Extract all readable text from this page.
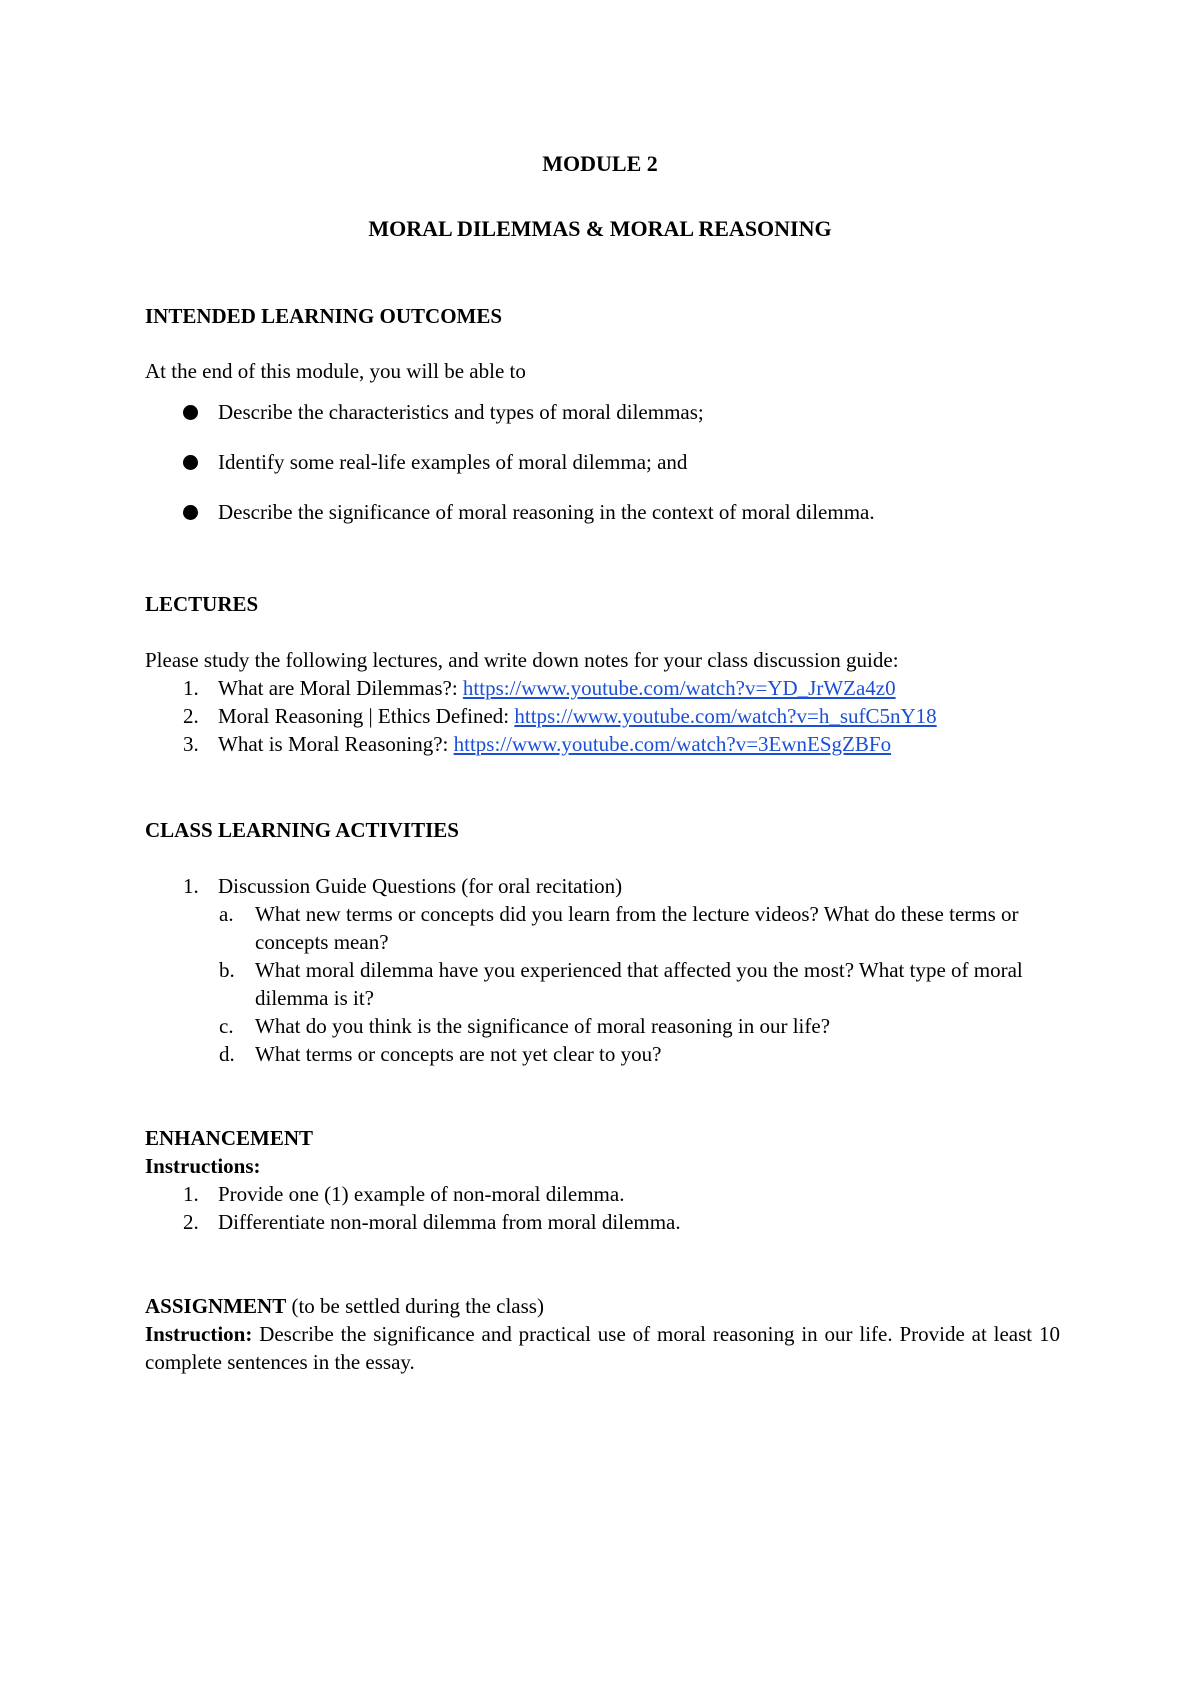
MODULE 2
MORAL DILEMMAS & MORAL REASONING
INTENDED LEARNING OUTCOMES
At the end of this module, you will be able to
Describe the characteristics and types of moral dilemmas;
Identify some real-life examples of moral dilemma; and
Describe the significance of moral reasoning in the context of moral dilemma.
LECTURES
Please study the following lectures, and write down notes for your class discussion guide:
1. What are Moral Dilemmas?: https://www.youtube.com/watch?v=YD_JrWZa4z0
2. Moral Reasoning | Ethics Defined: https://www.youtube.com/watch?v=h_sufC5nY18
3. What is Moral Reasoning?: https://www.youtube.com/watch?v=3EwnESgZBFo
CLASS LEARNING ACTIVITIES
1. Discussion Guide Questions (for oral recitation)
a. What new terms or concepts did you learn from the lecture videos? What do these terms or concepts mean?
b. What moral dilemma have you experienced that affected you the most? What type of moral dilemma is it?
c. What do you think is the significance of moral reasoning in our life?
d. What terms or concepts are not yet clear to you?
ENHANCEMENT
Instructions:
1. Provide one (1) example of non-moral dilemma.
2. Differentiate non-moral dilemma from moral dilemma.
ASSIGNMENT (to be settled during the class)
Instruction: Describe the significance and practical use of moral reasoning in our life. Provide at least 10 complete sentences in the essay.
